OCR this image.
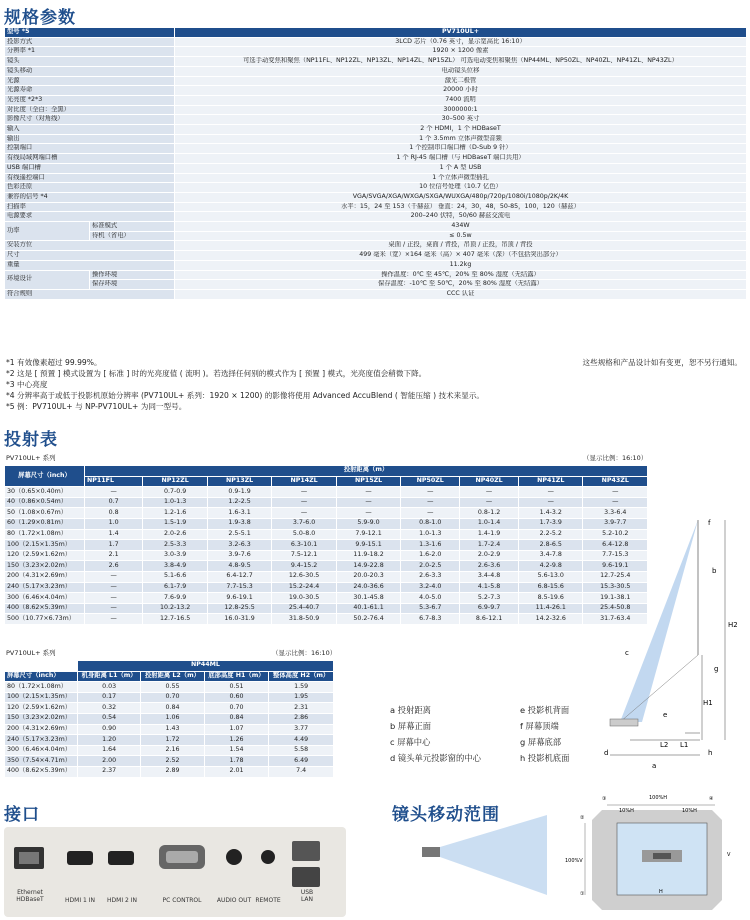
规格参数
型号 *5		PV710UL+
投影方式		3LCD 芯片（0.76 英寸，显示宽高比 16:10）
分辨率 *1		1920 × 1200 像素
镜头		可选手动变焦和聚焦（NP11FL、NP12ZL、NP13ZL、NP14ZL、NP15ZL） 可选电动变焦和聚焦（NP44ML、NP50ZL、NP40ZL、NP41ZL、NP43ZL）
镜头移动		电动镜头位移
光源		激光二极管
光源寿命		20000 小时
光亮度 *2*3		7400 流明
对比度（全白：全黑）		3000000:1
影像尺寸（对角线）		30–500 英寸
输入		2 个 HDMI，1 个 HDBaseT
输出		1 个 3.5mm 立体声微型音频
控制端口		1 个控制串口端口槽（D-Sub 9 针）
有线局域网端口槽		1 个 RJ-45 端口槽（与 HDBaseT 端口共用）
USB 端口槽		1 个 A 型 USB
有线遥控端口		1 个立体声微型插孔
色彩还原		10 位信号处理（10.7 亿色）
兼容的信号 *4		VGA/SVGA/XGA/WXGA/SXGA/WUXGA/480p/720p/1080i/1080p/2K/4K
扫描率		水平：15，24 至 153（千赫兹） 垂直：24，30，48，50-85，100，120（赫兹）
电源要求		200–240 伏特，50/60 赫兹交流电
功率	标准模式	434W
	待机（省电）	≤ 0.5w
安装方位		桌面 / 正投，桌面 / 背投，吊顶 / 正投，吊顶 / 背投
尺寸		499 毫米（宽）×164 毫米（高）× 407 毫米（深）（不包括突出部分）
重量		11.2kg
环境设计	操作环境	操作温度：0℃ 至 45℃，20% 至 80% 湿度（无结露）
	保存环境	保存温度：-10℃ 至 50℃，20% 至 80% 湿度（无结露）
符合规则		CCC 认证
*1 有效像素超过 99.99%。
*2 这是 [ 预置 ] 模式设置为 [ 标准 ] 时的光亮度值 ( 流明 )。若选择任何别的模式作为 [ 预置 ] 模式，光亮度值会稍微下降。
*3 中心亮度
*4 分辨率高于或低于投影机原始分辨率 (PV710UL+ 系列：1920 × 1200) 的影像将使用 Advanced AccuBlend ( 智能压缩 ) 技术来显示。
*5 例：PV710UL+ 与 NP-PV710UL+ 为同一型号。
这些规格和产品设计如有变更，恕不另行通知。
投射表
PV710UL+ 系列	（显示比例：16:10）
屏幕尺寸（inch）	投射距离（m）								
	NP11FL	NP12ZL	NP13ZL	NP14ZL	NP15ZL	NP50ZL	NP40ZL	NP41ZL	NP43ZL
30（0.65×0.40m）	—	0.7-0.9	0.9-1.9	—	—	—	—	—	—
40（0.86×0.54m）	0.7	1.0-1.3	1.2-2.5	—	—	—	—	—	—
50（1.08×0.67m）	0.8	1.2-1.6	1.6-3.1	—	—	—	0.8-1.2	1.4-3.2	3.3-6.4
60（1.29×0.81m）	1.0	1.5-1.9	1.9-3.8	3.7-6.0	5.9-9.0	0.8-1.0	1.0-1.4	1.7-3.9	3.9-7.7
80（1.72×1.08m）	1.4	2.0-2.6	2.5-5.1	5.0-8.0	7.9-12.1	1.0-1.3	1.4-1.9	2.2-5.2	5.2-10.2
100（2.15×1.35m）	1.7	2.5-3.3	3.2-6.3	6.3-10.1	9.9-15.1	1.3-1.6	1.7-2.4	2.8-6.5	6.4-12.8
120（2.59×1.62m）	2.1	3.0-3.9	3.9-7.6	7.5-12.1	11.9-18.2	1.6-2.0	2.0-2.9	3.4-7.8	7.7-15.3
150（3.23×2.02m）	2.6	3.8-4.9	4.8-9.5	9.4-15.2	14.9-22.8	2.0-2.5	2.6-3.6	4.2-9.8	9.6-19.1
200（4.31×2.69m）	—	5.1-6.6	6.4-12.7	12.6-30.5	20.0-20.3	2.6-3.3	3.4-4.8	5.6-13.0	12.7-25.4
240（5.17×3.23m）	—	6.1-7.9	7.7-15.3	15.2-24.4	24.0-36.6	3.2-4.0	4.1-5.8	6.8-15.6	15.3-30.5
300（6.46×4.04m）	—	7.6-9.9	9.6-19.1	19.0-30.5	30.1-45.8	4.0-5.0	5.2-7.3	8.5-19.6	19.1-38.1
400（8.62×5.39m）	—	10.2-13.2	12.8-25.5	25.4-40.7	40.1-61.1	5.3-6.7	6.9-9.7	11.4-26.1	25.4-50.8
500（10.77×6.73m）	—	12.7-16.5	16.0-31.9	31.8-50.9	50.2-76.4	6.7-8.3	8.6-12.1	14.2-32.6	31.7-63.4
PV710UL+ 系列	（显示比例：16:10）
	NP44ML			
屏幕尺寸（inch）	机身距离 L1（m）	投射距离 L2（m）	底部高度 H1（m）	整体高度 H2（m）
80（1.72×1.08m）	0.03	0.55	0.51	1.59
100（2.15×1.35m）	0.17	0.70	0.60	1.95
120（2.59×1.62m）	0.32	0.84	0.70	2.31
150（3.23×2.02m）	0.54	1.06	0.84	2.86
200（4.31×2.69m）	0.90	1.43	1.07	3.77
240（5.17×3.23m）	1.20	1.72	1.26	4.49
300（6.46×4.04m）	1.64	2.16	1.54	5.58
350（7.54×4.71m）	2.00	2.52	1.78	6.49
400（8.62×5.39m）	2.37	2.89	2.01	7.4
f
b
c
g
e
d	h
H2
H1
L1
L2
a
a 投射距离	e 投影机背面
b 屏幕正面	f 屏幕顶端
c 屏幕中心	g 屏幕底部
d 镜头单元投影窗的中心	h 投影机底面
接口
Ethernet
HDBaseT	HDMI 1 IN	HDMI 2 IN	PC CONTROL	AUDIO OUT REMOTE
USB
LAN
镜头移动范围
100%H
10%H	10%H
③	④
②
①
100%V
V
H
